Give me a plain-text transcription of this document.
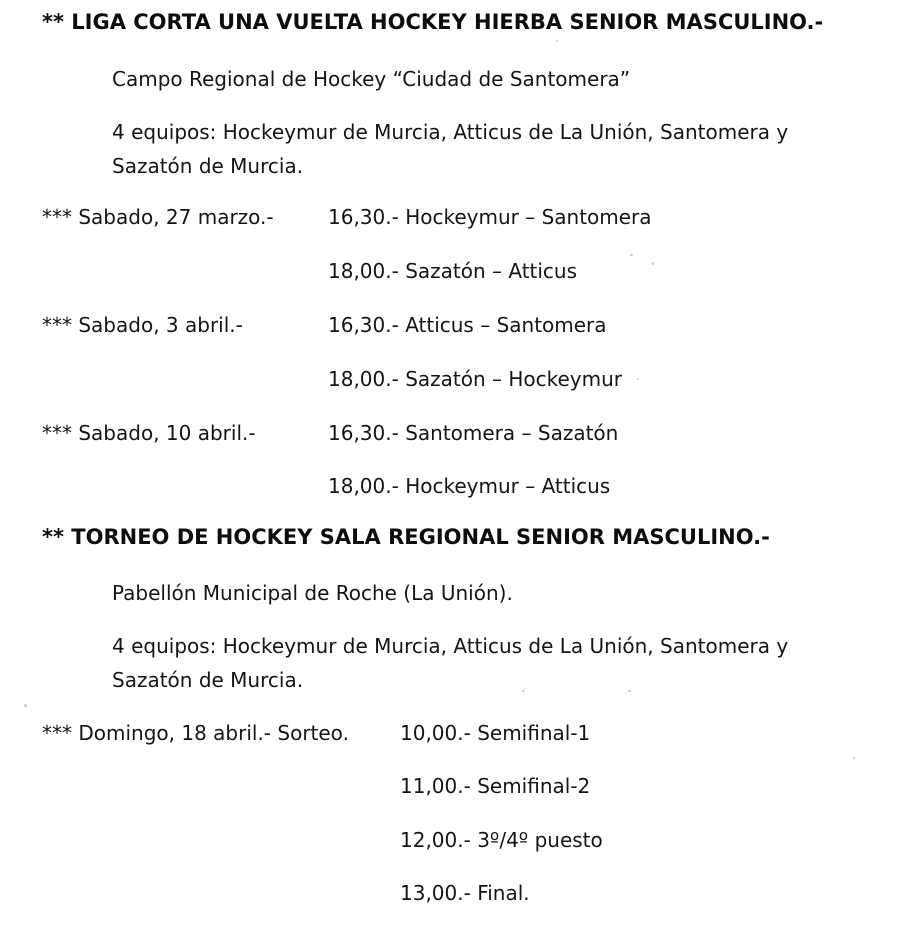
** LIGA CORTA UNA VUELTA HOCKEY HIERBA SENIOR MASCULINO.-
Campo Regional de Hockey “Ciudad de Santomera”
4 equipos: Hockeymur de Murcia, Atticus de La Unión, Santomera y
Sazatón de Murcia.
*** Sabado, 27 marzo.-	16,30.- Hockeymur – Santomera
18,00.- Sazatón – Atticus
*** Sabado, 3 abril.-	16,30.- Atticus – Santomera
18,00.- Sazatón – Hockeymur
*** Sabado, 10 abril.-	16,30.- Santomera – Sazatón
18,00.- Hockeymur – Atticus
** TORNEO DE HOCKEY SALA REGIONAL SENIOR MASCULINO.-
Pabellón Municipal de Roche (La Unión).
4 equipos: Hockeymur de Murcia, Atticus de La Unión, Santomera y
Sazatón de Murcia.
*** Domingo, 18 abril.- Sorteo.	10,00.- Semifinal-1
11,00.- Semifinal-2
12,00.- 3º/4º puesto
13,00.- Final.
